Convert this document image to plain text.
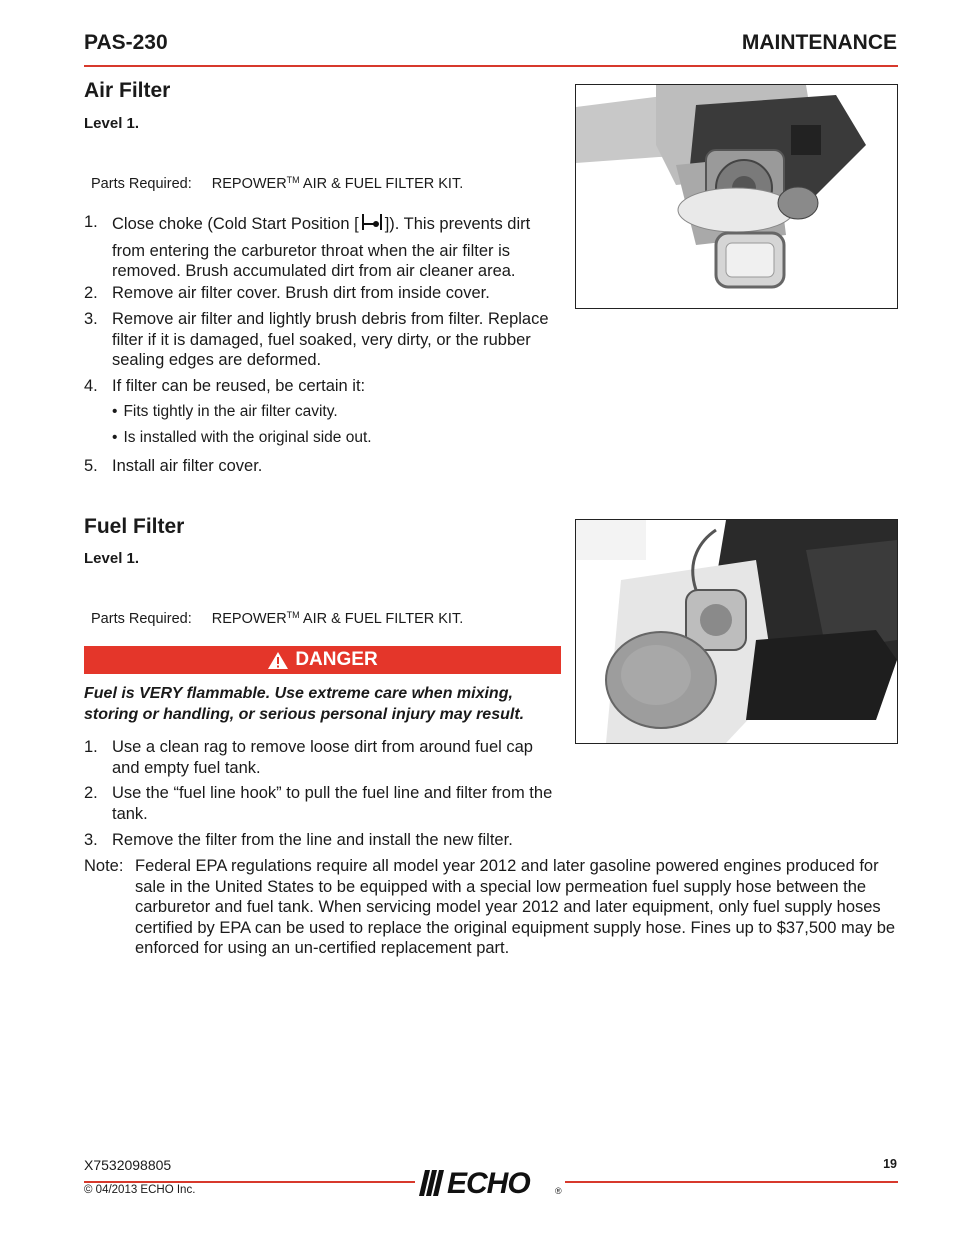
PAS-230	MAINTENANCE
Air Filter
Level 1.
Parts Required: REPOWER™ AIR & FUEL FILTER KIT.
1. Close choke (Cold Start Position [ ]). This prevents dirt
from entering the carburetor throat when the air filter is removed. Brush accumulated dirt from air cleaner area.
2. Remove air filter cover. Brush dirt from inside cover.
3. Remove air filter and lightly brush debris from filter. Replace filter if it is damaged, fuel soaked, very dirty, or the rubber sealing edges are deformed.
4. If filter can be reused, be certain it:
• Fits tightly in the air filter cavity.
• Is installed with the original side out.
5. Install air filter cover.
Fuel Filter
Level 1.
Parts Required: REPOWER™ AIR & FUEL FILTER KIT.
DANGER
Fuel is VERY flammable. Use extreme care when mixing, storing or handling, or serious personal injury may result.
1. Use a clean rag to remove loose dirt from around fuel cap and empty fuel tank.
2. Use the “fuel line hook” to pull the fuel line and filter from the tank.
3. Remove the filter from the line and install the new filter.
Note: Federal EPA regulations require all model year 2012 and later gasoline powered engines produced for sale in the United States to be equipped with a special low permeation fuel supply hose between the carburetor and fuel tank. When servicing model year 2012 and later equipment, only fuel supply hoses certified by EPA can be used to replace the original equipment supply hose. Fines up to $37,500 may be enforced for using an un-certified replacement part.
X7532098805
© 04/2013 ECHO Inc.
19
ECHO	®
